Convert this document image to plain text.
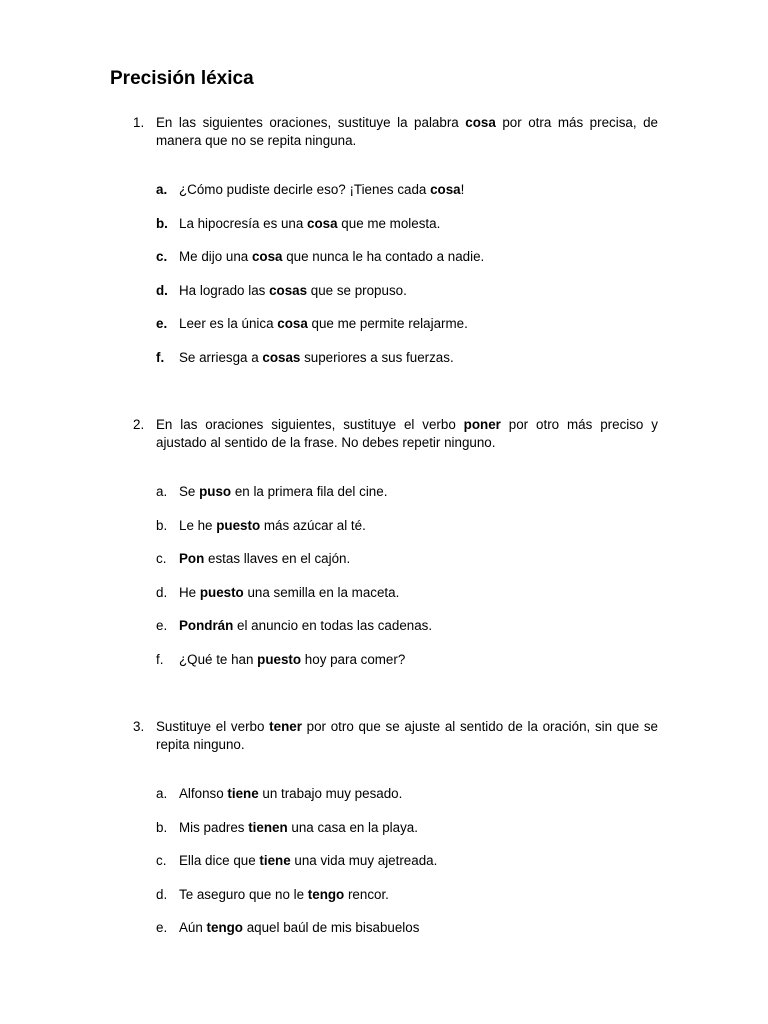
Precisión léxica
1. En las siguientes oraciones, sustituye la palabra cosa por otra más precisa, de manera que no se repita ninguna.
a. ¿Cómo pudiste decirle eso? ¡Tienes cada cosa!
b. La hipocresía es una cosa que me molesta.
c. Me dijo una cosa que nunca le ha contado a nadie.
d. Ha logrado las cosas que se propuso.
e. Leer es la única cosa que me permite relajarme.
f. Se arriesga a cosas superiores a sus fuerzas.
2. En las oraciones siguientes, sustituye el verbo poner por otro más preciso y ajustado al sentido de la frase. No debes repetir ninguno.
a. Se puso en la primera fila del cine.
b. Le he puesto más azúcar al té.
c. Pon estas llaves en el cajón.
d. He puesto una semilla en la maceta.
e. Pondrán el anuncio en todas las cadenas.
f. ¿Qué te han puesto hoy para comer?
3. Sustituye el verbo tener por otro que se ajuste al sentido de la oración, sin que se repita ninguno.
a. Alfonso tiene un trabajo muy pesado.
b. Mis padres tienen una casa en la playa.
c. Ella dice que tiene una vida muy ajetreada.
d. Te aseguro que no le tengo rencor.
e. Aún tengo aquel baúl de mis bisabuelos
